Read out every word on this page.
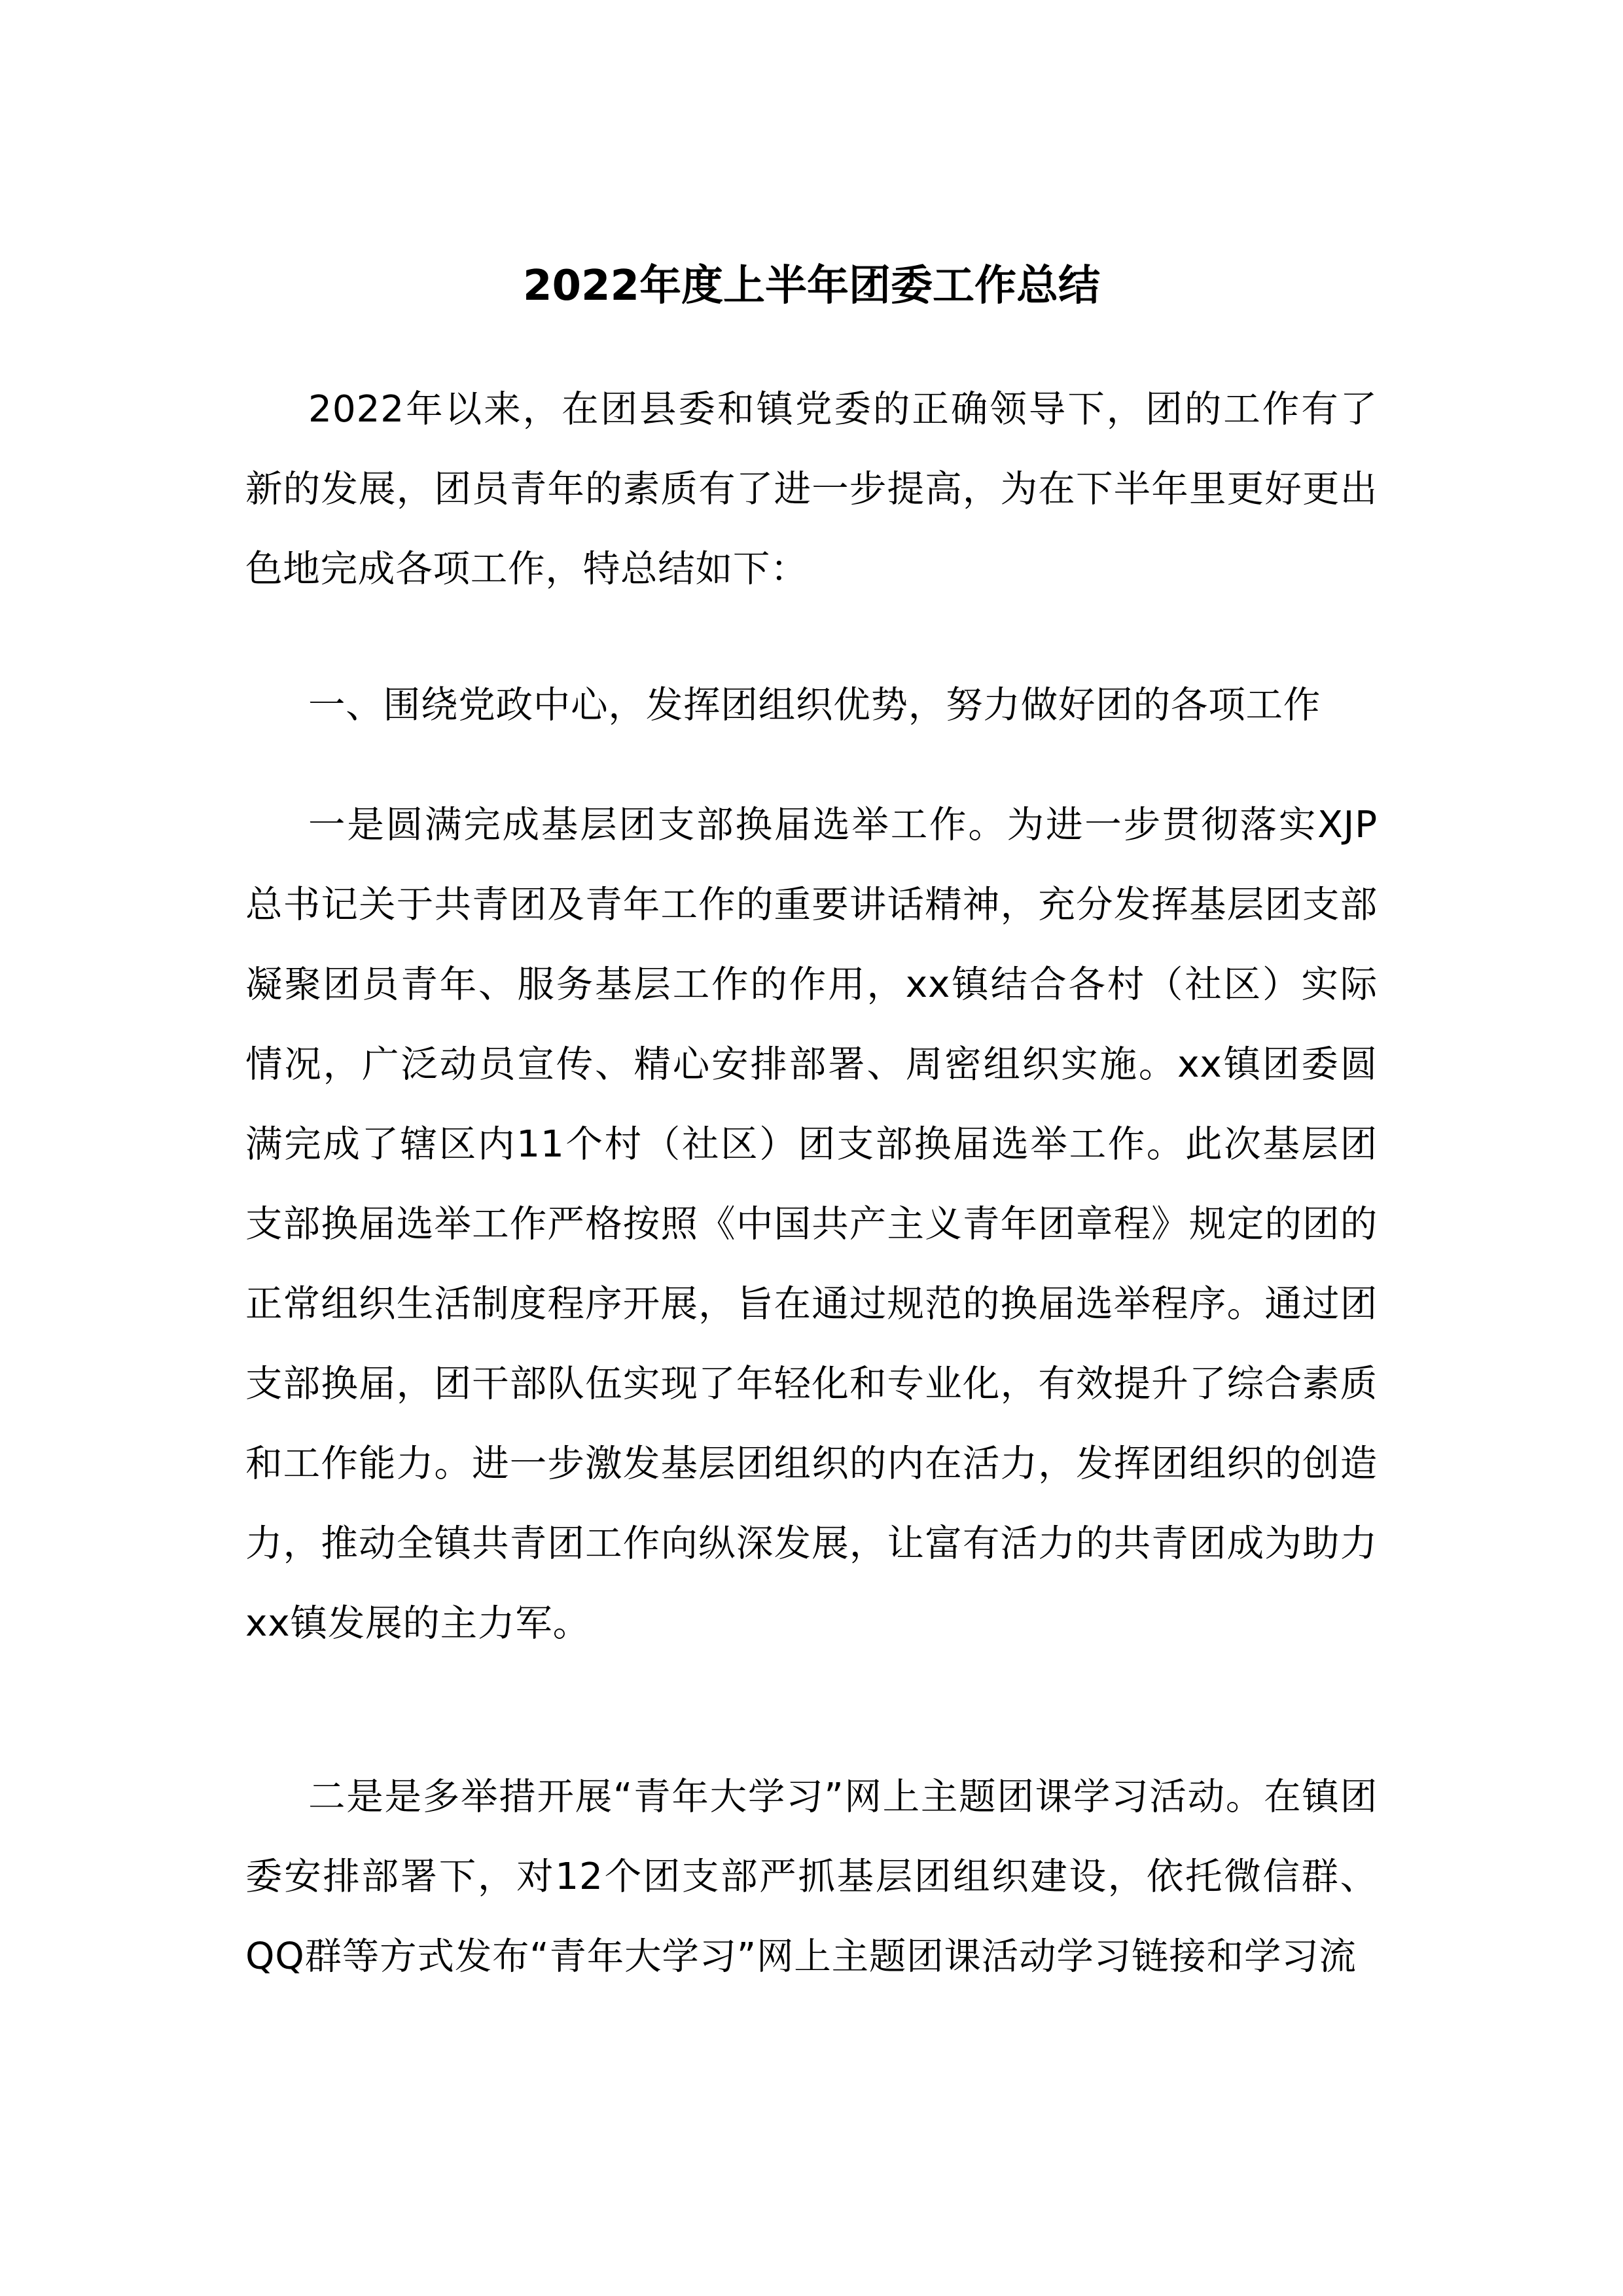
2022年度上半年团委工作总结

2022年以来，在团县委和镇党委的正确领导下，团的工作有了新的发展，团员青年的素质有了进一步提高，为在下半年里更好更出色地完成各项工作，特总结如下：

一、围绕党政中心，发挥团组织优势，努力做好团的各项工作

一是圆满完成基层团支部换届选举工作。为进一步贯彻落实XJP总书记关于共青团及青年工作的重要讲话精神，充分发挥基层团支部凝聚团员青年、服务基层工作的作用，xx镇结合各村（社区）实际情况，广泛动员宣传、精心安排部署、周密组织实施。xx镇团委圆满完成了辖区内11个村（社区）团支部换届选举工作。此次基层团支部换届选举工作严格按照《中国共产主义青年团章程》规定的团的正常组织生活制度程序开展，旨在通过规范的换届选举程序。通过团支部换届，团干部队伍实现了年轻化和专业化，有效提升了综合素质和工作能力。进一步激发基层团组织的内在活力，发挥团组织的创造力，推动全镇共青团工作向纵深发展，让富有活力的共青团成为助力xx镇发展的主力军。

二是是多举措开展“青年大学习”网上主题团课学习活动。在镇团委安排部署下，对12个团支部严抓基层团组织建设，依托微信群、QQ群等方式发布“青年大学习”网上主题团课活动学习链接和学习流
